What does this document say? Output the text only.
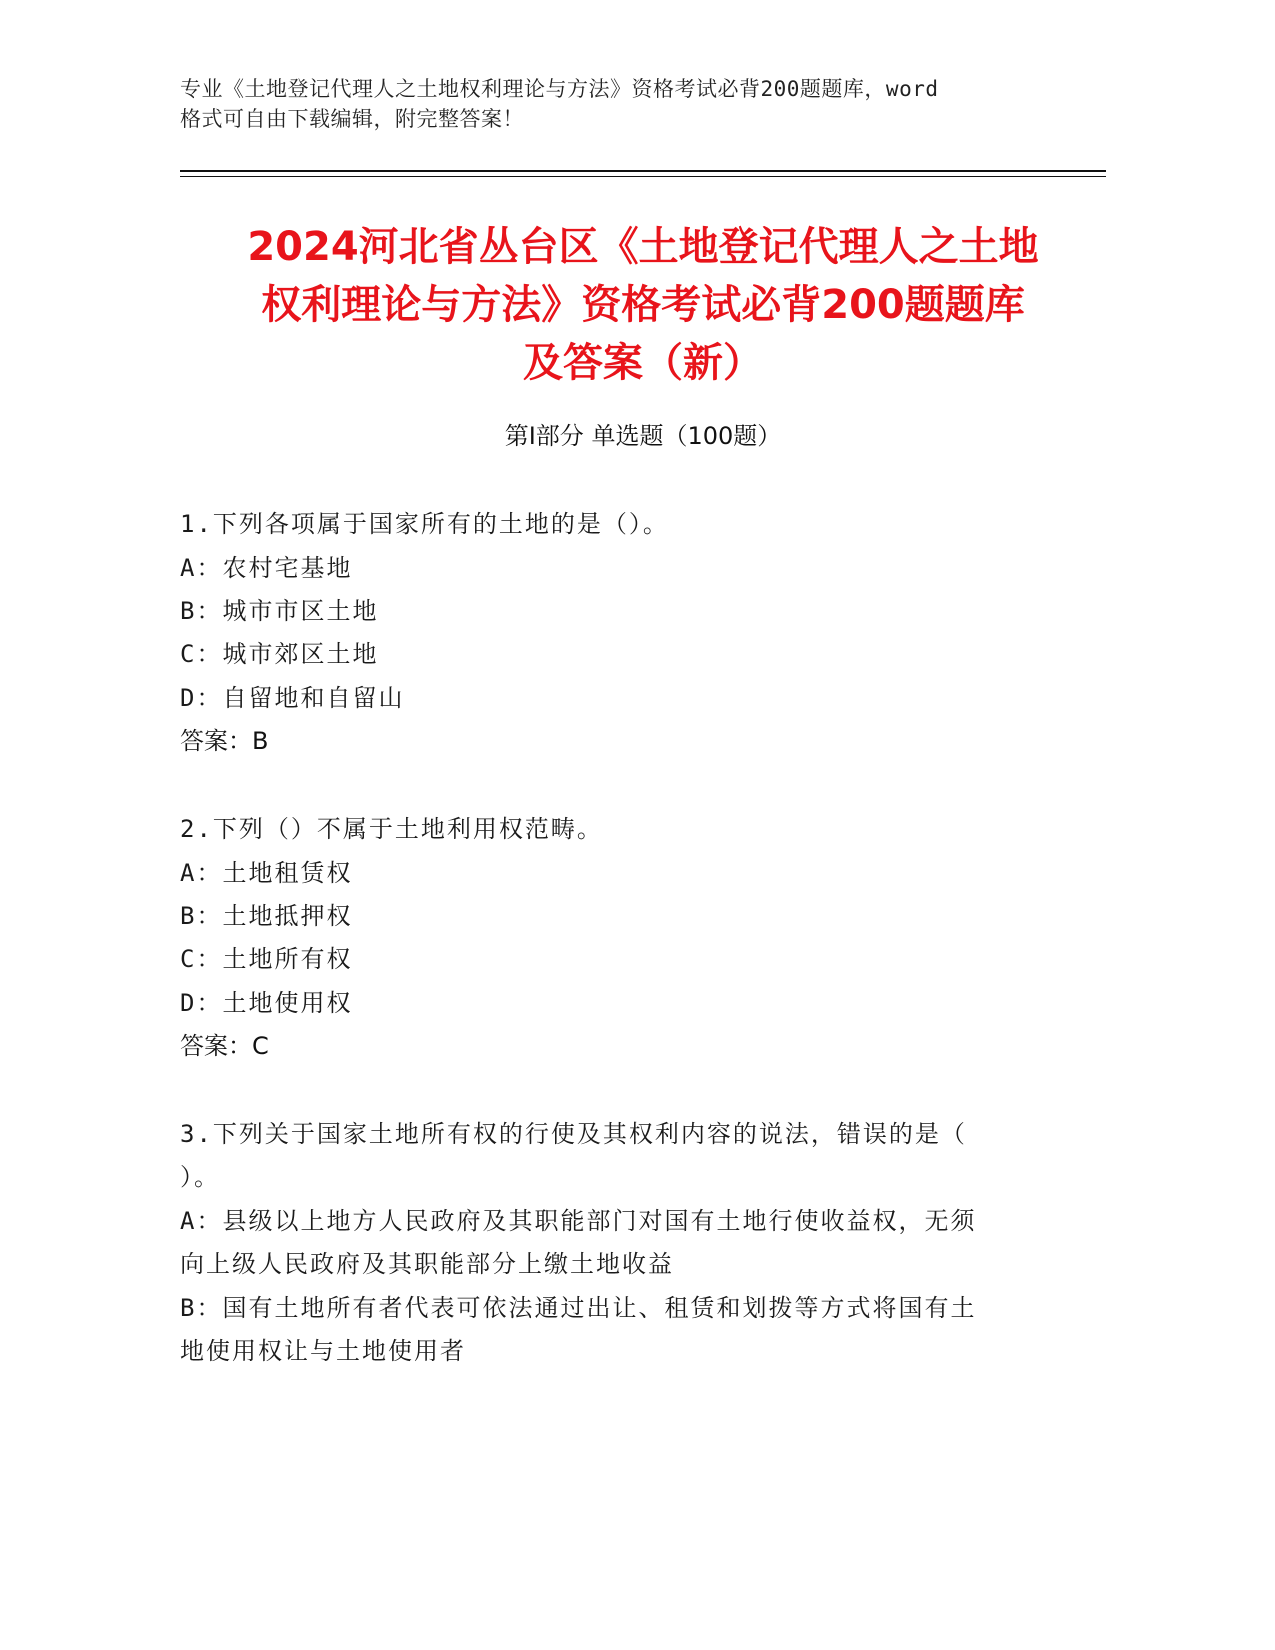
专业《土地登记代理人之土地权利理论与方法》资格考试必背200题题库，word
格式可自由下载编辑，附完整答案！
2024河北省丛台区《土地登记代理人之土地
权利理论与方法》资格考试必背200题题库
及答案（新）
第Ⅰ部分 单选题（100题）
1.下列各项属于国家所有的土地的是（）。
A：农村宅基地
B：城市市区土地
C：城市郊区土地
D：自留地和自留山
答案：B
2.下列（）不属于土地利用权范畴。
A：土地租赁权
B：土地抵押权
C：土地所有权
D：土地使用权
答案：C
3.下列关于国家土地所有权的行使及其权利内容的说法，错误的是（
）。
A：县级以上地方人民政府及其职能部门对国有土地行使收益权，无须
向上级人民政府及其职能部分上缴土地收益
B：国有土地所有者代表可依法通过出让、租赁和划拨等方式将国有土
地使用权让与土地使用者
